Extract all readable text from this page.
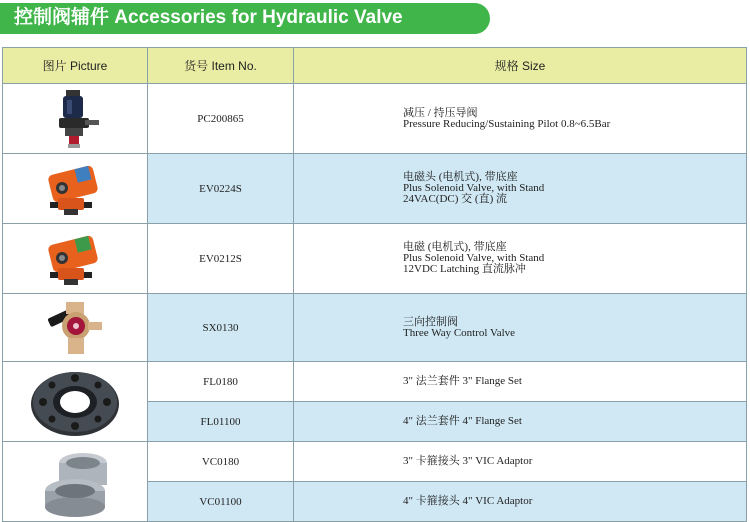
控制阀辅件 Accessories for Hydraulic Valve
图片 Picture	货号 Item No.	规格 Size

	PC200865	减压 / 持压导阀
Pressure Reducing/Sustaining Pilot 0.8~6.5Bar

	EV0224S	电磁头 (电机式), 带底座
Plus Solenoid Valve, with Stand
24VAC(DC) 交 (直) 流

	EV0212S	电磁 (电机式), 带底座
Plus Solenoid Valve, with Stand
12VDC Latching 直流脉冲

	SX0130	三向控制阀
Three Way Control Valve

	FL0180	3" 法兰套件 3" Flange Set

	FL01100	4" 法兰套件 4" Flange Set

	VC0180	3" 卡箍接头 3" VIC Adaptor

	VC01100	4" 卡箍接头 4" VIC Adaptor
